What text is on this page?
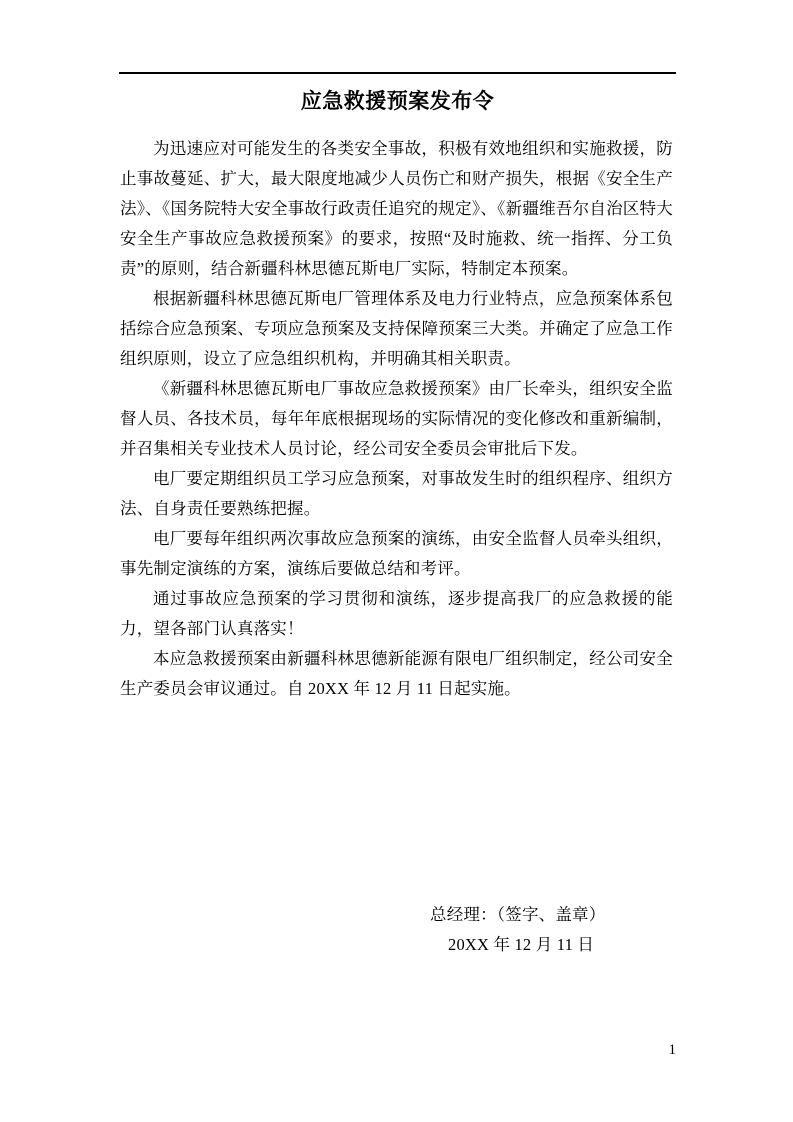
应急救援预案发布令

为迅速应对可能发生的各类安全事故，积极有效地组织和实施救援，防止事故蔓延、扩大，最大限度地减少人员伤亡和财产损失，根据《安全生产法》、《国务院特大安全事故行政责任追究的规定》、《新疆维吾尔自治区特大安全生产事故应急救援预案》的要求，按照“及时施救、统一指挥、分工负责”的原则，结合新疆科林思德瓦斯电厂实际，特制定本预案。

根据新疆科林思德瓦斯电厂管理体系及电力行业特点，应急预案体系包括综合应急预案、专项应急预案及支持保障预案三大类。并确定了应急工作组织原则，设立了应急组织机构，并明确其相关职责。

《新疆科林思德瓦斯电厂事故应急救援预案》由厂长牵头，组织安全监督人员、各技术员，每年年底根据现场的实际情况的变化修改和重新编制，并召集相关专业技术人员讨论，经公司安全委员会审批后下发。

电厂要定期组织员工学习应急预案，对事故发生时的组织程序、组织方法、自身责任要熟练把握。

电厂要每年组织两次事故应急预案的演练，由安全监督人员牵头组织，事先制定演练的方案，演练后要做总结和考评。

通过事故应急预案的学习贯彻和演练，逐步提高我厂的应急救援的能力，望各部门认真落实！

本应急救援预案由新疆科林思德新能源有限电厂组织制定，经公司安全生产委员会审议通过。自 20XX 年 12 月 11 日起实施。

总经理：（签字、盖章）

20XX 年 12 月 11 日

1
